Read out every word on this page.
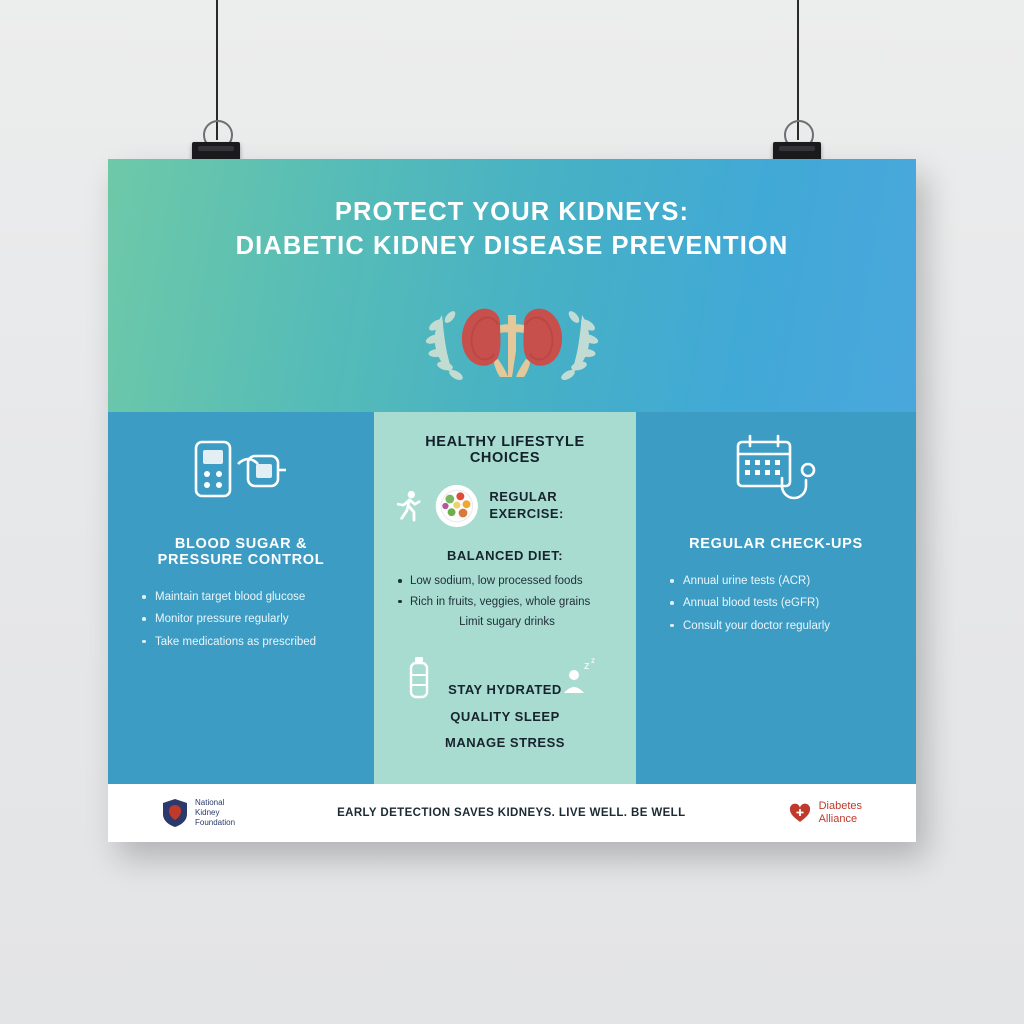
PROTECT YOUR KIDNEYS:
DIABETIC KIDNEY DISEASE PREVENTION
BLOOD SUGAR & PRESSURE CONTROL
Maintain target blood glucose
Monitor pressure regularly
Take medications as prescribed
HEALTHY LIFESTYLE CHOICES
REGULAR EXERCISE:
BALANCED DIET:
Low sodium, low processed foods
Rich in fruits, veggies, whole grains
Limit sugary drinks
z z
STAY HYDRATED
QUALITY SLEEP
MANAGE STRESS
REGULAR CHECK-UPS
Annual urine tests (ACR)
Annual blood tests (eGFR)
Consult your doctor regularly
National
Kidney
Foundation
EARLY DETECTION SAVES KIDNEYS. LIVE WELL. BE WELL
Diabetes
Alliance
